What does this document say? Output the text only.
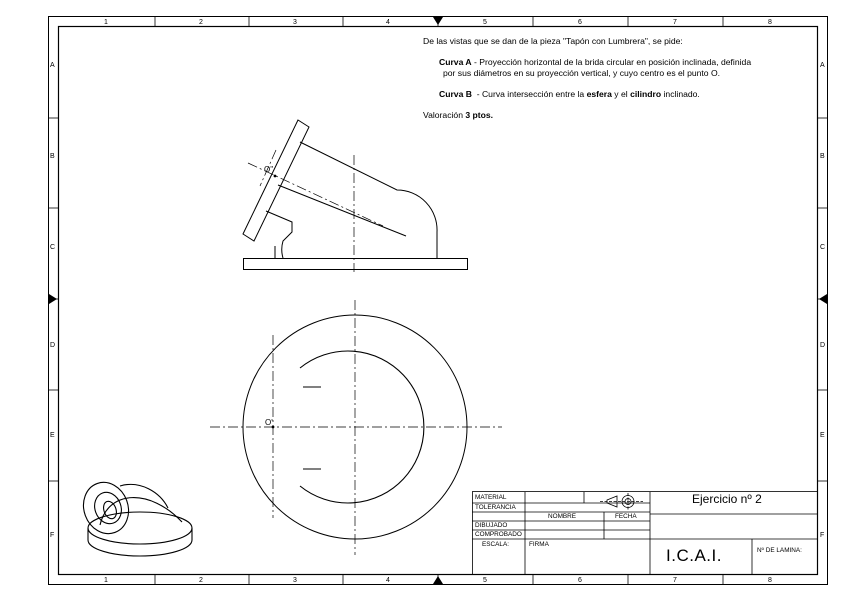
O''
O'
1	2	3	4	5	6	7	8
1	2	3	4	5	6	7	8
A
B
C
D
E
F
A
B
C
D
E
F

De las vistas que se dan de la pieza "Tapón con Lumbrera", se pide:

Curva A - Proyección horizontal de la brida circular en posición inclinada, definida
por sus diámetros en su proyección vertical, y cuyo centro es el punto O.

Curva B  - Curva intersección entre la esfera y el cilindro inclinado.

Valoración 3 ptos.

MATERIAL
TOLERANCIA
NOMBRE	FECHA
DIBUJADO
COMPROBADO
ESCALA:	FIRMA
Ejercicio nº 2
I.C.A.I.	Nº DE LAMINA:
